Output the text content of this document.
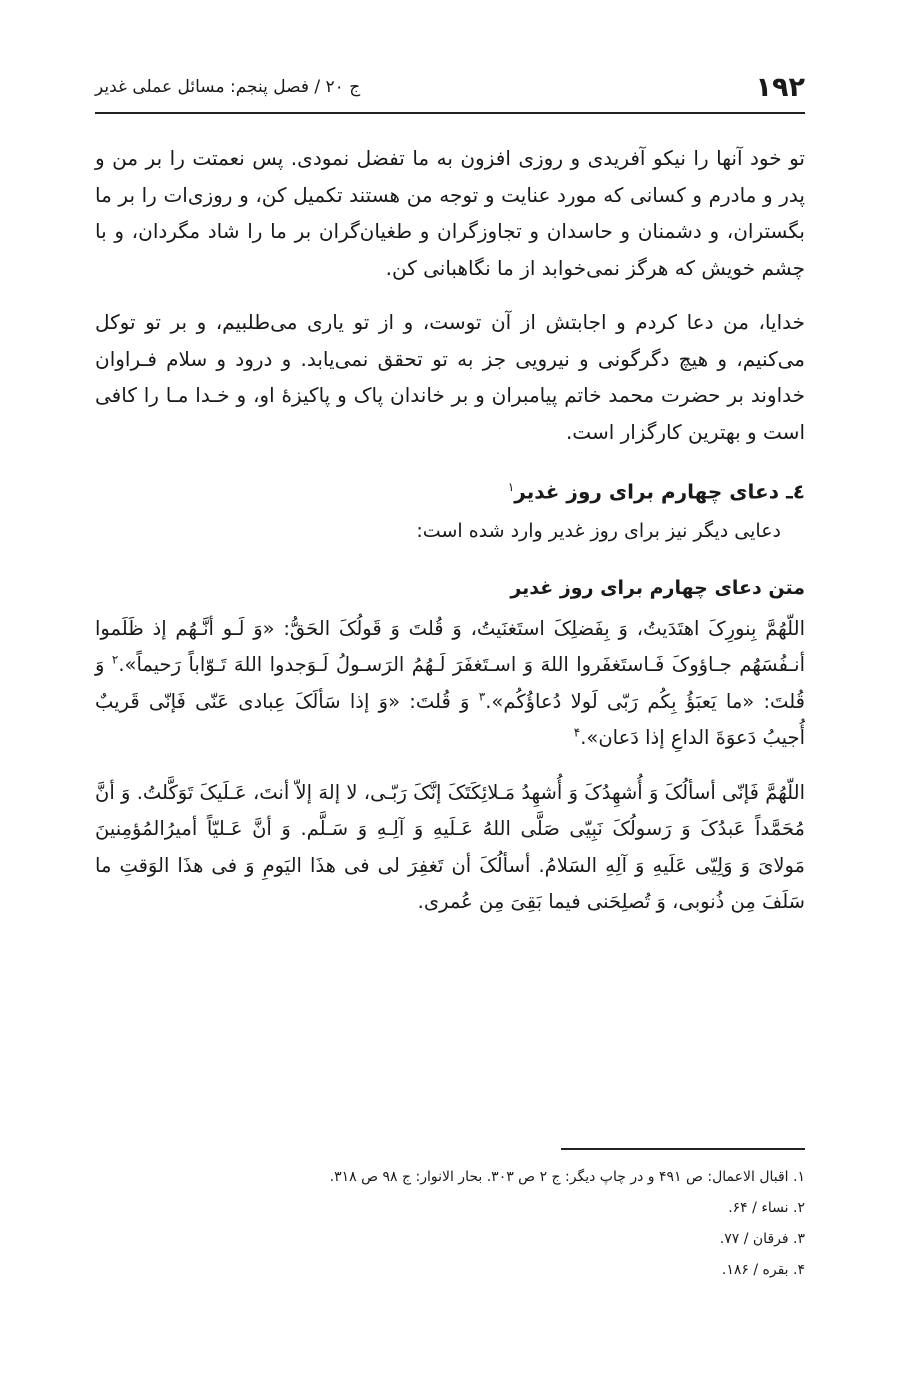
۱۹۲
ج ۲۰ / فصل پنجم: مسائل عملی غدیر

تو خود آنها را نیکو آفریدی و روزی افزون به ما تفضل نمودی. پس نعمتت را بر من و پدر و مادرم و کسانی که مورد عنایت و توجه من هستند تکمیل کن، و روزی‌ات را بر ما بگستران، و دشمنان و حاسدان و تجاوزگران و طغیان‌گران بر ما را شاد مگردان، و با چشم خویش که هرگز نمی‌خوابد از ما نگاهبانی کن.

خدایا، من دعا کردم و اجابتش از آن توست، و از تو یاری می‌طلبیم، و بر تو توکل می‌کنیم، و هیچ دگرگونی و نیرویی جز به تو تحقق نمی‌یابد. و درود و سلام فـراوان خداوند بر حضرت محمد خاتم پیامبران و بر خاندان پاک و پاکیزهٔ او، و خـدا مـا را کافی است و بهترین کارگزار است.

٤ـ دعای چهارم برای روز غدیر$^۱$
دعایی دیگر نیز برای روز غدیر وارد شده است:
متن دعای چهارم برای روز غدیر

اللّهُمَّ بِنورِکَ اهتَدَیتُ، وَ بِفَضلِکَ استَغنَیتُ، وَ قُلتَ وَ قَولُکَ الحَقُّ: «وَ لَـو أنَّـهُم إذ ظَلَموا أنـفُسَهُم جـاؤوکَ فَـاستَغفَروا اللهَ وَ اسـتَغفَرَ لَـهُمُ الرَسـولُ لَـوَجدوا اللهَ تَـوّاباً رَحیماً».$^۲$ وَ قُلتَ: «ما یَعبَؤُ بِکُم رَبّی لَولا دُعاؤُکُم».$^۳$ وَ قُلتَ: «وَ إذا سَألَکَ عِبادی عَنّی فَإنّی قَریبٌ أُجیبُ دَعوَةَ الداعِ إذا دَعان».$^۴$

اللّهُمَّ فَإنّی أسألُکَ وَ أُشهِدُکَ وَ أُشهِدُ مَـلائِکَتَکَ إنَّکَ رَبّـی، لا إلهَ إلاّ أنتَ، عَـلَیکَ تَوَکَّلتُ. وَ أنَّ مُحَمَّداً عَبدُکَ وَ رَسولُکَ نَبِیّی صَلَّی اللهُ عَـلَیهِ وَ آلِـهِ وَ سَـلَّم. وَ أنَّ عَـلیّاً أمیرُالمُؤمِنینَ مَولایَ وَ وَلِیّی عَلَیهِ وَ آلِهِ السَلامُ. أسألُکَ أن تَغفِرَ لی فی هذَا الیَومِ وَ فی هذَا الوَقتِ ما سَلَفَ مِن ذُنوبی، وَ تُصلِحَنی فیما بَقِیَ مِن عُمری.

۱. اقبال الاعمال: ص ۴۹۱ و در چاپ دیگر: ج ۲ ص ۳۰۳. بحار الانوار: ج ۹۸ ص ۳۱۸.
۲. نساء / ۶۴.
۳. فرقان / ۷۷.
۴. بقره / ۱۸۶.
